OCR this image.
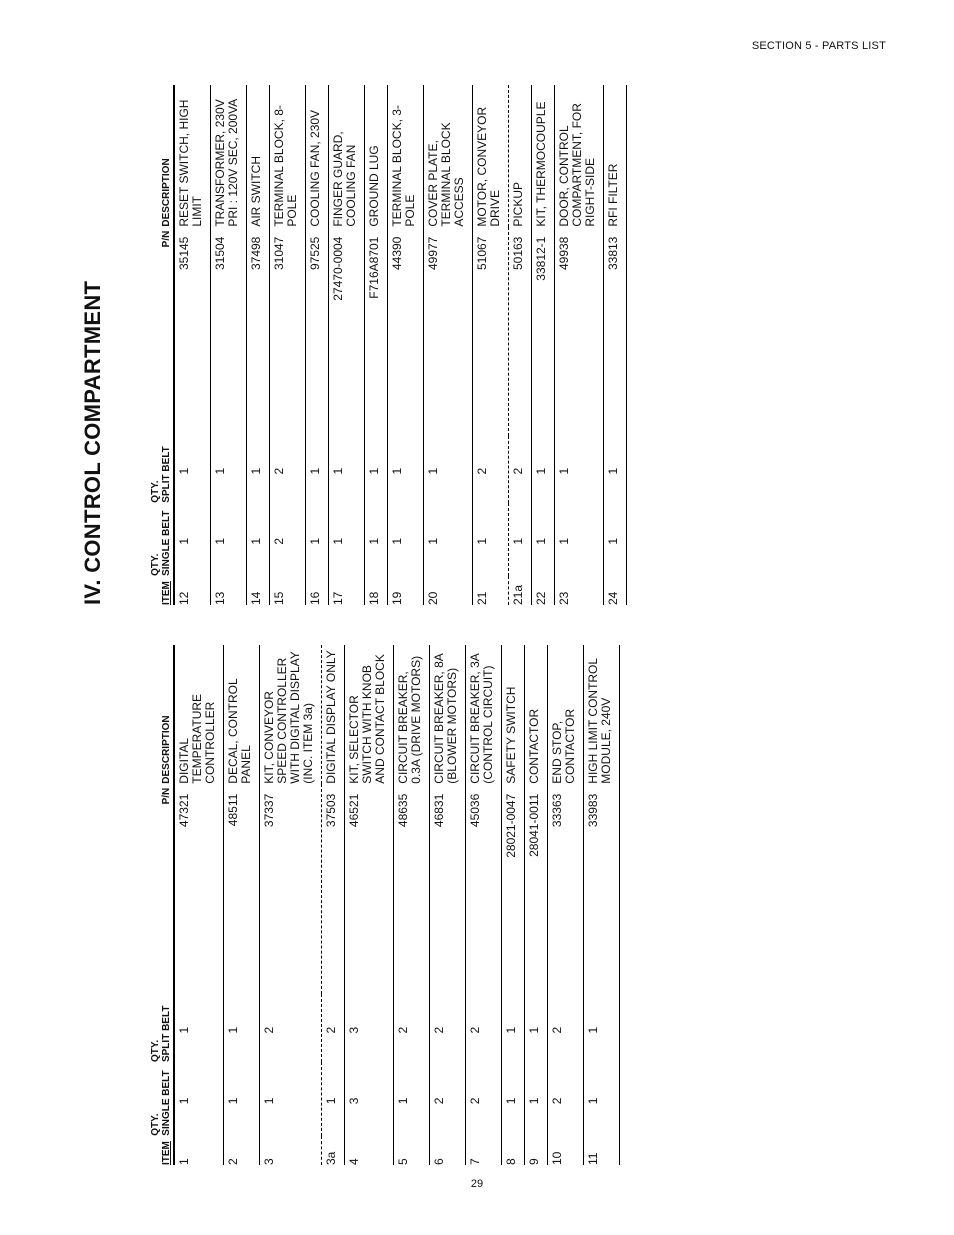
SECTION 5 - PARTS LIST
IV. CONTROL COMPARTMENT
ITEM	QTY.
SINGLE BELT	QTY.
SPLIT BELT	P/N	DESCRIPTION
1	1	1	47321	DIGITAL TEMPERATURE CONTROLLER
2	1	1	48511	DECAL, CONTROL PANEL
3	1	2	37337	KIT, CONVEYOR SPEED CONTROLLER WITH DIGITAL DISPLAY (INC. ITEM 3a)
3a	1	2	37503	DIGITAL DISPLAY ONLY
4	3	3	46521	KIT, SELECTOR SWITCH WITH KNOB AND CONTACT BLOCK
5	1	2	48635	CIRCUIT BREAKER, 0.3A (DRIVE MOTORS)
6	2	2	46831	CIRCUIT BREAKER, 8A (BLOWER MOTORS)
7	2	2	45036	CIRCUIT BREAKER, 3A (CONTROL CIRCUIT)
8	1	1	28021-0047	SAFETY SWITCH
9	1	1	28041-0011	CONTACTOR
10	2	2	33363	END STOP, CONTACTOR
11	1	1	33983	HIGH LIMIT CONTROL MODULE, 240V
ITEM	QTY.
SINGLE BELT	QTY.
SPLIT BELT	P/N	DESCRIPTION
12	1	1	35145	RESET SWITCH, HIGH LIMIT
13	1	1	31504	TRANSFORMER, 230V PRI : 120V SEC, 200VA
14	1	1	37498	AIR SWITCH
15	2	2	31047	TERMINAL BLOCK, 8-POLE
16	1	1	97525	COOLING FAN, 230V
17	1	1	27470-0004	FINGER GUARD, COOLING FAN
18	1	1	F716A8701	GROUND LUG
19	1	1	44390	TERMINAL BLOCK, 3-POLE
20	1	1	49977	COVER PLATE, TERMINAL BLOCK ACCESS
21	1	2	51067	MOTOR, CONVEYOR DRIVE
21a	1	2	50163	PICKUP
22	1	1	33812-1	KIT, THERMOCOUPLE
23	1	1	49938	DOOR, CONTROL COMPARTMENT, FOR RIGHT-SIDE
24	1	1	33813	RFI FILTER
29
